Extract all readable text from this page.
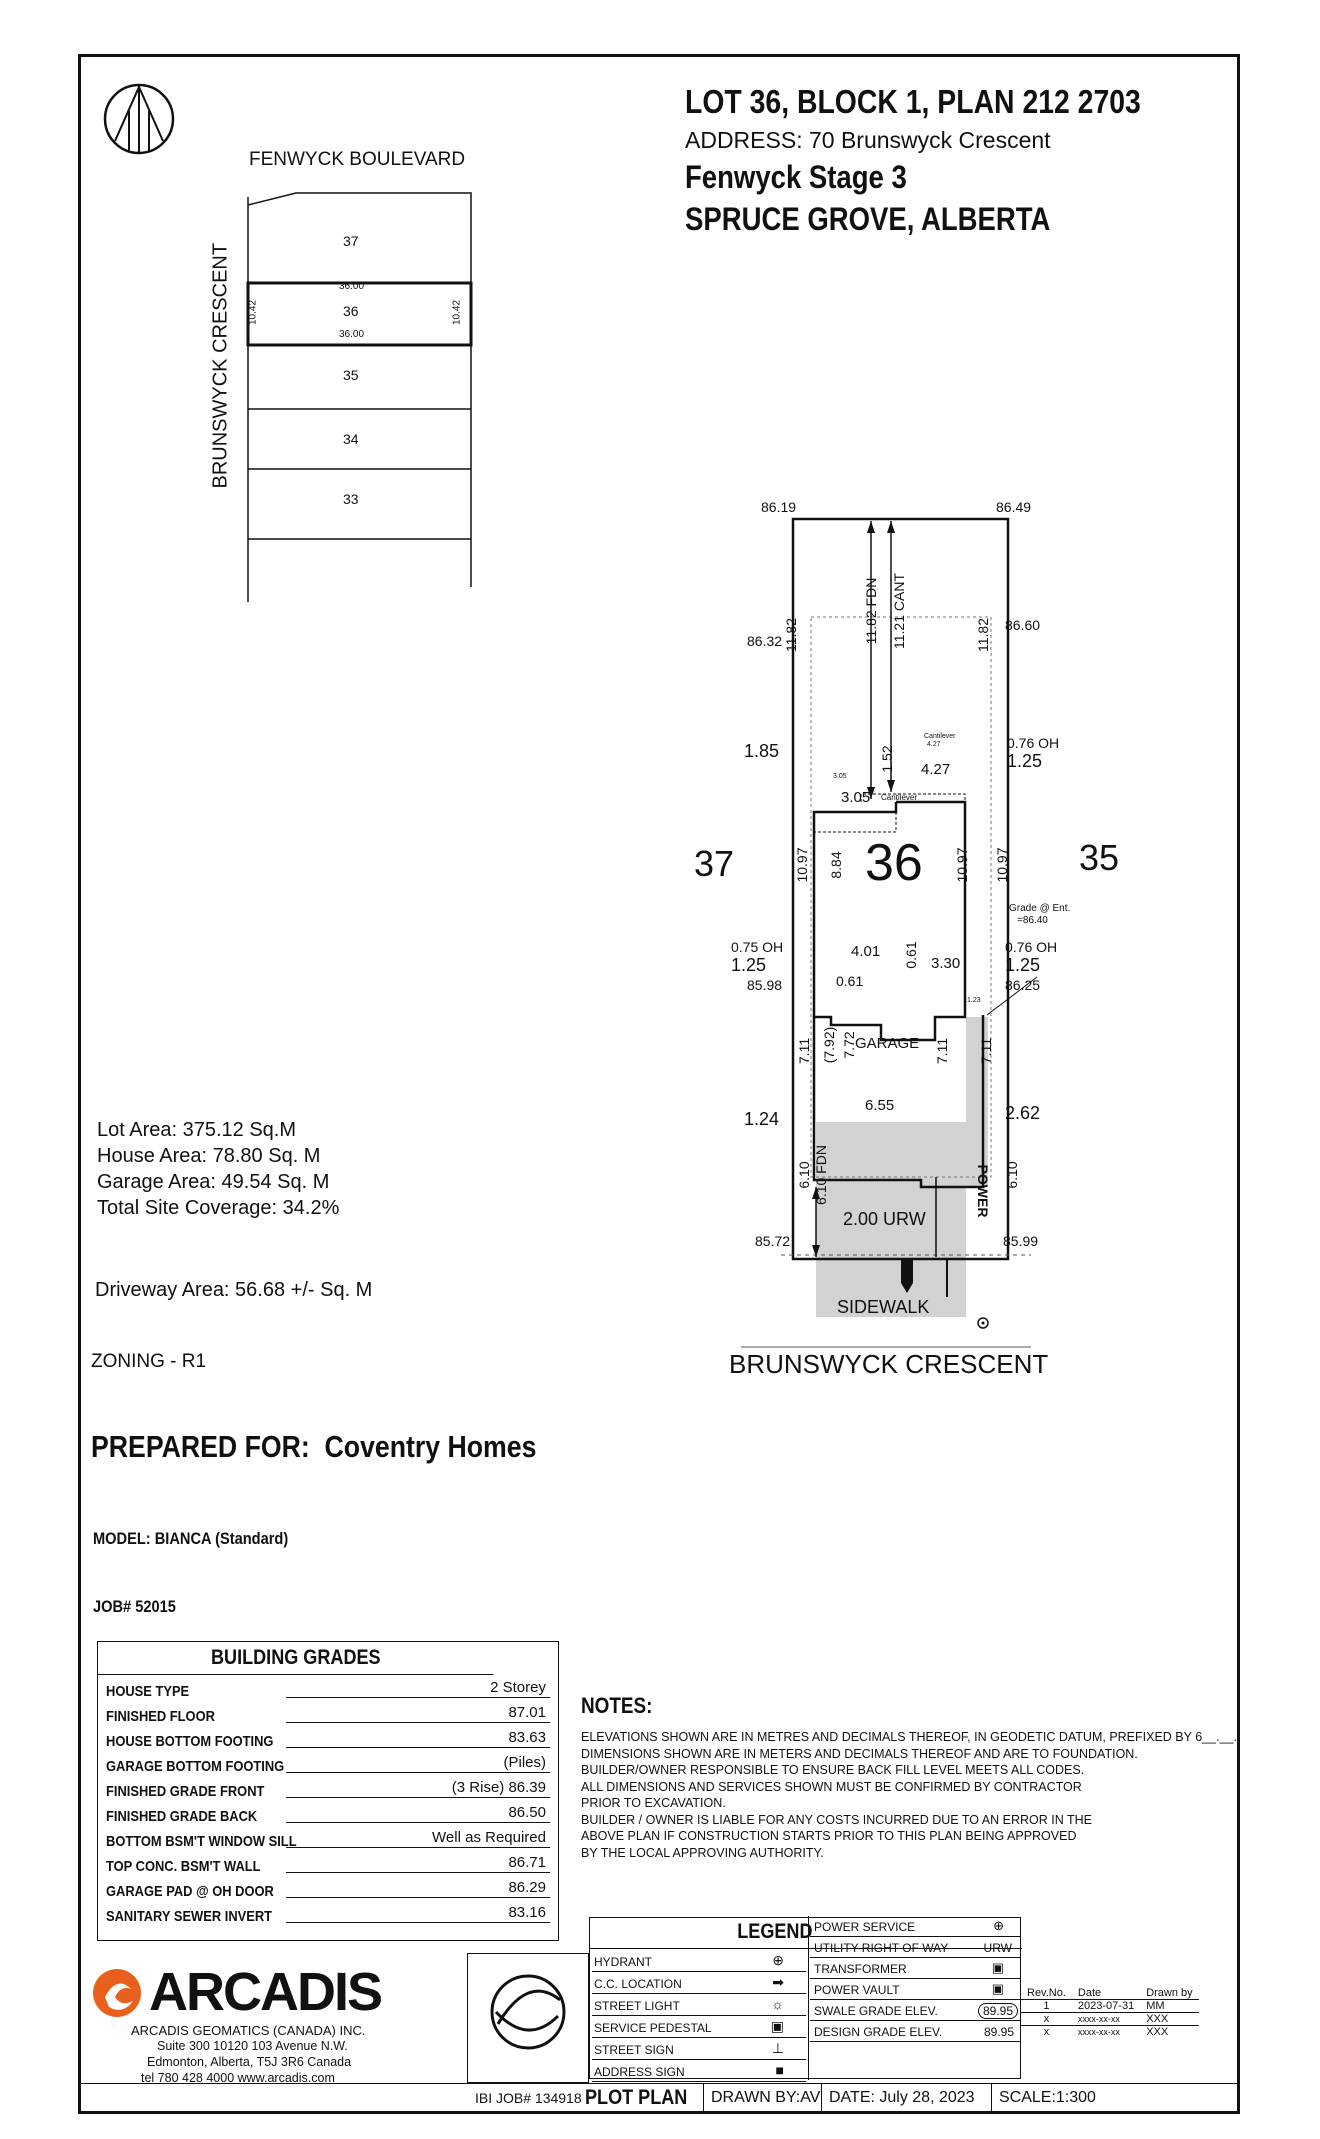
LOT 36, BLOCK 1, PLAN 212 2703
ADDRESS: 70 Brunswyck Crescent
Fenwyck Stage 3
SPRUCE GROVE, ALBERTA
FENWYCK BOULEVARD
BRUNSWYCK CRESCENT
37
36
35
34
33
36.00
36.00
10.42	10.42
86.19	86.49
86.32
86.60
11.82	11.82
11.82 FDN 11.21 CANT
1.85	0.76 OH
1.25
Cantilever
4.27
1.52 4.27
3.05
3.05 Cantilever
37	36	35
10.97 8.84	10.97 10.97
Grade @ Ent.
=86.40
0.75 OH
1.25
85.98
4.01 0.61 3.30
0.76 OH
1.25
86.25
0.61
1.23
(7.92) 7.72
GARAGE
7.11	7.11 7.11
1.24	2.62
6.55
6.10 6.10 FDN	6.10
POWER
2.00 URW
85.72	85.99
SIDEWALK
BRUNSWYCK CRESCENT
Lot Area: 375.12 Sq.M
House Area: 78.80 Sq. M
Garage Area: 49.54 Sq. M
Total Site Coverage: 34.2%
Driveway Area: 56.68 +/- Sq. M
ZONING - R1
PREPARED FOR: Coventry Homes
MODEL: BIANCA (Standard)
JOB# 52015
BUILDING GRADES
HOUSE TYPE	2 Storey
FINISHED FLOOR	87.01
HOUSE BOTTOM FOOTING	83.63
GARAGE BOTTOM FOOTING	(Piles)
FINISHED GRADE FRONT	(3 Rise) 86.39
FINISHED GRADE BACK	86.50
BOTTOM BSM'T WINDOW SILL	Well as Required
TOP CONC. BSM'T WALL	86.71
GARAGE PAD @ OH DOOR	86.29
SANITARY SEWER INVERT	83.16
NOTES:
ELEVATIONS SHOWN ARE IN METRES AND DECIMALS THEREOF, IN GEODETIC DATUM, PREFIXED BY 6__.__.
DIMENSIONS SHOWN ARE IN METERS AND DECIMALS THEREOF AND ARE TO FOUNDATION.
BUILDER/OWNER RESPONSIBLE TO ENSURE BACK FILL LEVEL MEETS ALL CODES.
ALL DIMENSIONS AND SERVICES SHOWN MUST BE CONFIRMED BY CONTRACTOR
PRIOR TO EXCAVATION.
BUILDER / OWNER IS LIABLE FOR ANY COSTS INCURRED DUE TO AN ERROR IN THE
ABOVE PLAN IF CONSTRUCTION STARTS PRIOR TO THIS PLAN BEING APPROVED
BY THE LOCAL APPROVING AUTHORITY.
LEGEND
HYDRANT	⊕
C.C. LOCATION	➡
STREET LIGHT	☼
SERVICE PEDESTAL	▣
STREET SIGN	⊥
ADDRESS SIGN	■
POWER SERVICE	⊕
UTILITY RIGHT OF WAY	URW
TRANSFORMER	▣
POWER VAULT	▣
SWALE GRADE ELEV.	89.95
DESIGN GRADE ELEV.	89.95
Rev.No.	Date	Drawn by
1	2023-07-31	MM
x	xxxx-xx-xx	XXX
x	xxxx-xx-xx	XXX
ARCADIS
ARCADIS GEOMATICS (CANADA) INC.
Suite 300 10120 103 Avenue N.W.
Edmonton, Alberta, T5J 3R6 Canada
tel 780 428 4000 www.arcadis.com
IBI JOB# 134918 PLOT PLAN DRAWN BY:AV DATE: July 28, 2023 SCALE:1:300
